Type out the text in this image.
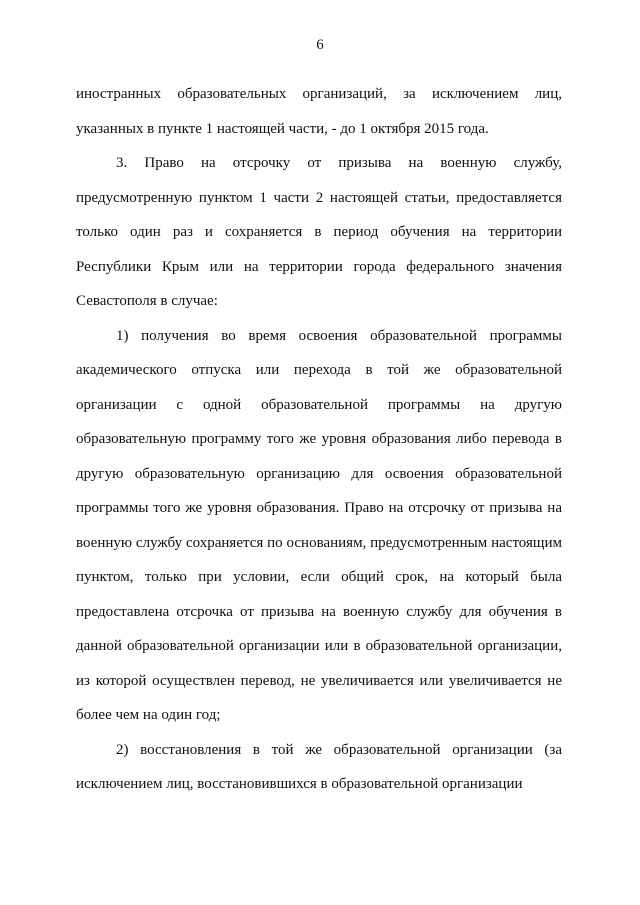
6

иностранных образовательных организаций, за исключением лиц, указанных в пункте 1 настоящей части, - до 1 октября 2015 года.

3. Право на отсрочку от призыва на военную службу, предусмотренную пунктом 1 части 2 настоящей статьи, предоставляется только один раз и сохраняется в период обучения на территории Республики Крым или на территории города федерального значения Севастополя в случае:

1) получения во время освоения образовательной программы академического отпуска или перехода в той же образовательной организации с одной образовательной программы на другую образовательную программу того же уровня образования либо перевода в другую образовательную организацию для освоения образовательной программы того же уровня образования. Право на отсрочку от призыва на военную службу сохраняется по основаниям, предусмотренным настоящим пунктом, только при условии, если общий срок, на который была предоставлена отсрочка от призыва на военную службу для обучения в данной образовательной организации или в образовательной организации, из которой осуществлен перевод, не увеличивается или увеличивается не более чем на один год;

2) восстановления в той же образовательной организации (за исключением лиц, восстановившихся в образовательной организации
